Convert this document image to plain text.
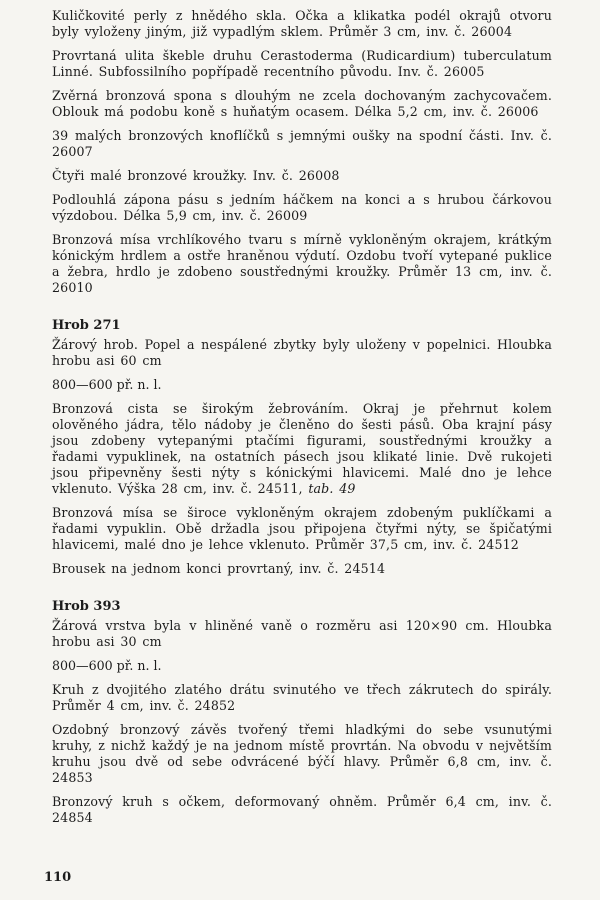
Kuličkovité perly z hnědého skla. Očka a klikatka podél okrajů otvoru byly vyloženy jiným, již vypadlým sklem. Průměr 3 cm, inv. č. 26004

Provrtaná ulita škeble druhu Cerastoderma (Rudicardium) tuberculatum Linné. Subfossilního popřípadě recentního původu. Inv. č. 26005

Zvěrná bronzová spona s dlouhým ne zcela dochovaným zachycovačem. Oblouk má podobu koně s huňatým ocasem. Délka 5,2 cm, inv. č. 26006

39 malých bronzových knoflíčků s jemnými oušky na spodní části. Inv. č. 26007

Čtyři malé bronzové kroužky. Inv. č. 26008

Podlouhlá zápona pásu s jedním háčkem na konci a s hrubou čárkovou výzdobou. Délka 5,9 cm, inv. č. 26009

Bronzová mísa vrchlíkového tvaru s mírně vykloněným okrajem, krátkým kónickým hrdlem a ostře hraněnou výdutí. Ozdobu tvoří vytepané puklice a žebra, hrdlo je zdobeno soustřednými kroužky. Průměr 13 cm, inv. č. 26010

Hrob 271

Žárový hrob. Popel a nespálené zbytky byly uloženy v popelnici. Hloubka hrobu asi 60 cm

800—600 př. n. l.

Bronzová cista se širokým žebrováním. Okraj je přehrnut kolem olověného jádra, tělo nádoby je členěno do šesti pásů. Oba krajní pásy jsou zdobeny vytepanými ptačími figurami, soustřednými kroužky a řadami vypuklinek, na ostatních pásech jsou klikaté linie. Dvě rukojeti jsou připevněny šesti nýty s kónickými hlavicemi. Malé dno je lehce vklenuto. Výška 28 cm, inv. č. 24511, tab. 49

Bronzová mísa se široce vykloněným okrajem zdobeným puklíčkami a řadami vypuklin. Obě držadla jsou připojena čtyřmi nýty, se špičatými hlavicemi, malé dno je lehce vklenuto. Průměr 37,5 cm, inv. č. 24512

Brousek na jednom konci provrtaný, inv. č. 24514

Hrob 393

Žárová vrstva byla v hliněné vaně o rozměru asi 120×90 cm. Hloubka hrobu asi 30 cm

800—600 př. n. l.

Kruh z dvojitého zlatého drátu svinutého ve třech zákrutech do spirály. Průměr 4 cm, inv. č. 24852

Ozdobný bronzový závěs tvořený třemi hladkými do sebe vsunutými kruhy, z nichž každý je na jednom místě provrtán. Na obvodu v největším kruhu jsou dvě od sebe odvrácené býčí hlavy. Průměr 6,8 cm, inv. č. 24853

Bronzový kruh s očkem, deformovaný ohněm. Průměr 6,4 cm, inv. č. 24854

110
